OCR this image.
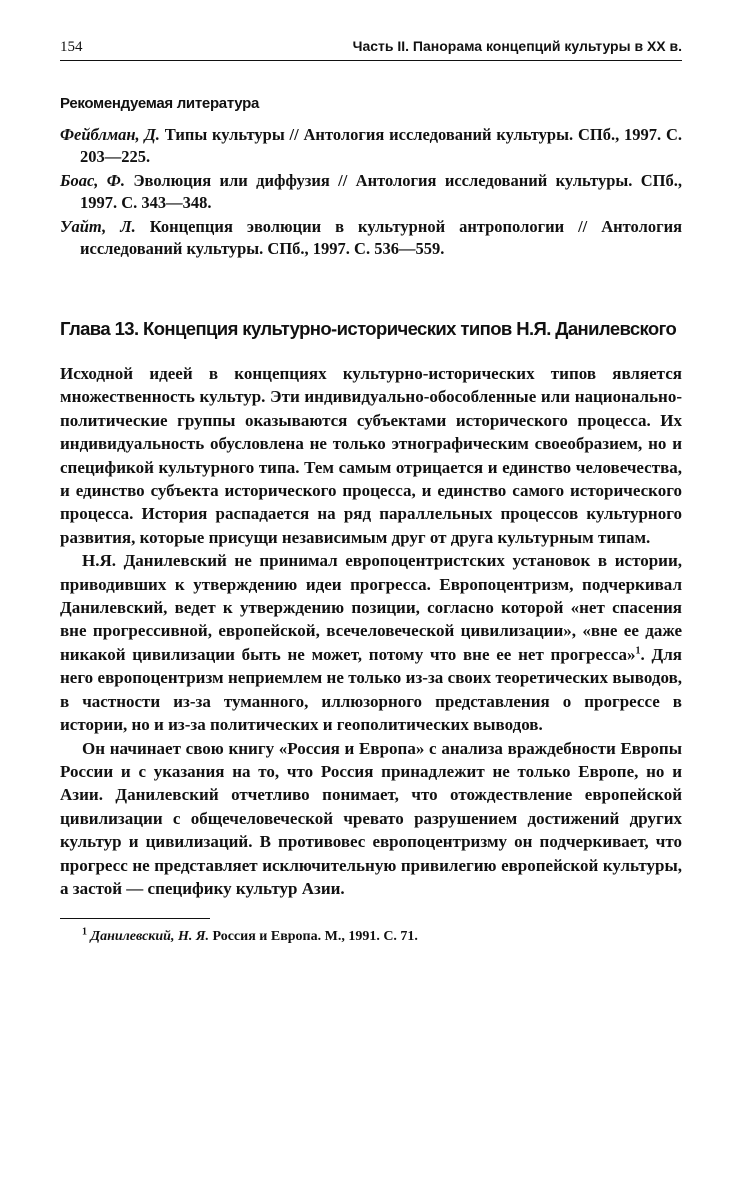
154	Часть II. Панорама концепций культуры в XX в.
Рекомендуемая литература
Фейблман, Д. Типы культуры // Антология исследований культуры. СПб., 1997. С. 203—225.
Боас, Ф. Эволюция или диффузия // Антология исследований культуры. СПб., 1997. С. 343—348.
Уайт, Л. Концепция эволюции в культурной антропологии // Антология исследований культуры. СПб., 1997. С. 536—559.
Глава 13. Концепция культурно-исторических типов Н.Я. Данилевского

Исходной идеей в концепциях культурно-исторических типов является множественность культур. Эти индивидуально-обособленные или национально-политические группы оказываются субъектами исторического процесса. Их индивидуальность обусловлена не только этнографическим своеобразием, но и спецификой культурного типа. Тем самым отрицается и единство человечества, и единство субъекта исторического процесса, и единство самого исторического процесса. История распадается на ряд параллельных процессов культурного развития, которые присущи независимым друг от друга культурным типам.

Н.Я. Данилевский не принимал европоцентристских установок в истории, приводивших к утверждению идеи прогресса. Европоцентризм, подчеркивал Данилевский, ведет к утверждению позиции, согласно которой «нет спасения вне прогрессивной, европейской, всечеловеческой цивилизации», «вне ее даже никакой цивилизации быть не может, потому что вне ее нет прогресса»$^1$. Для него европоцентризм неприемлем не только из-за своих теоретических выводов, в частности из-за туманного, иллюзорного представления о прогрессе в истории, но и из-за политических и геополитических выводов.

Он начинает свою книгу «Россия и Европа» с анализа враждебности Европы России и с указания на то, что Россия принадлежит не только Европе, но и Азии. Данилевский отчетливо понимает, что отождествление европейской цивилизации с общечеловеческой чревато разрушением достижений других культур и цивилизаций. В противовес европоцентризму он подчеркивает, что прогресс не представляет исключительную привилегию европейской культуры, а застой — специфику культур Азии.

$^1$ Данилевский, Н. Я. Россия и Европа. М., 1991. С. 71.
